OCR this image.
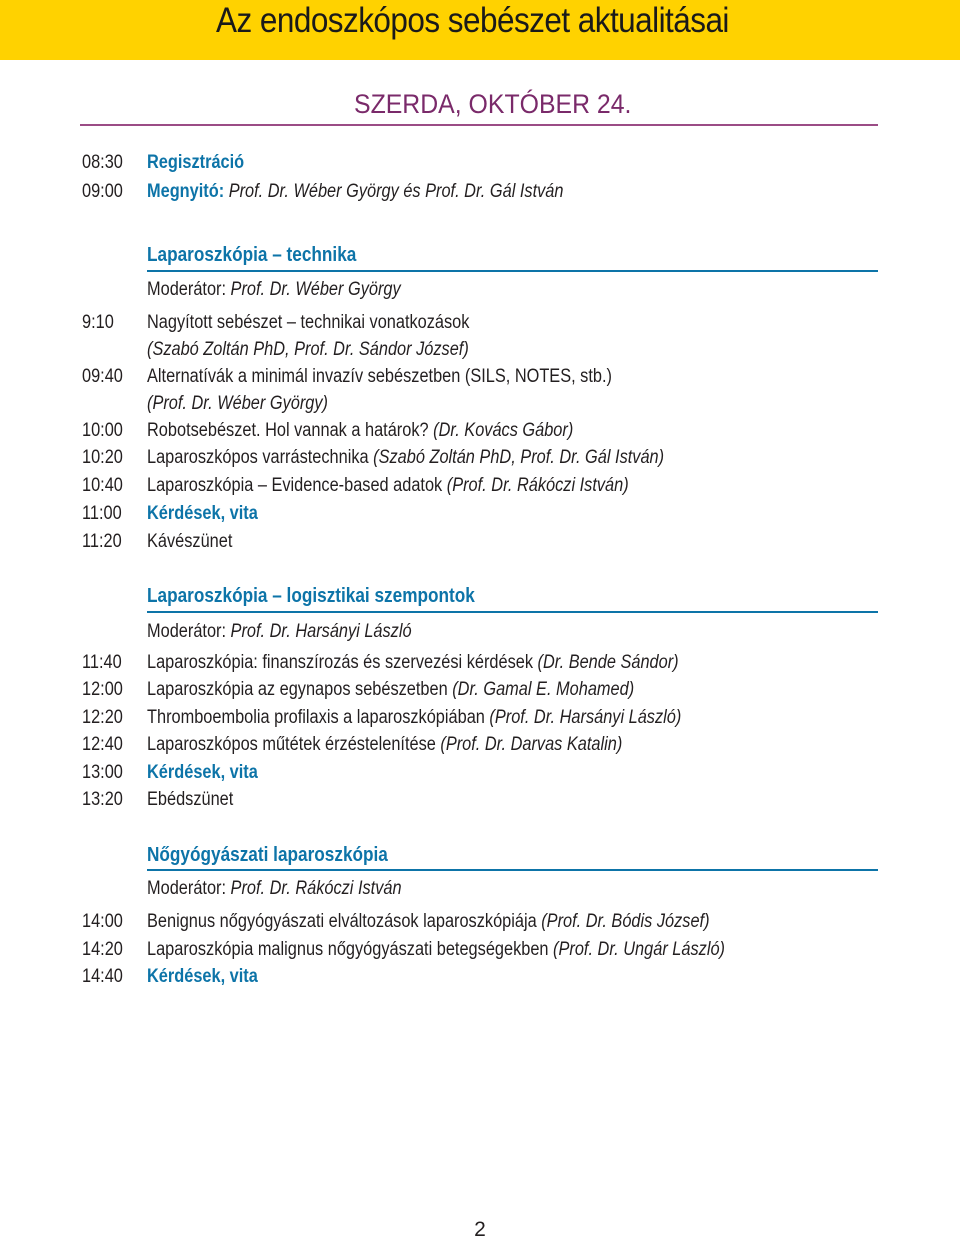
Az endoszkópos sebészet aktualitásai
SZERDA, OKTÓBER 24.
08:30 Regisztráció
09:00 Megnyitó: Prof. Dr. Wéber György és Prof. Dr. Gál István
Laparoszkópia – technika
Moderátor: Prof. Dr. Wéber György
9:10 Nagyított sebészet – technikai vonatkozások
(Szabó Zoltán PhD, Prof. Dr. Sándor József)
09:40 Alternatívák a minimál invazív sebészetben (SILS, NOTES, stb.)
(Prof. Dr. Wéber György)
10:00 Robotsebészet. Hol vannak a határok? (Dr. Kovács Gábor)
10:20 Laparoszkópos varrástechnika (Szabó Zoltán PhD, Prof. Dr. Gál István)
10:40 Laparoszkópia – Evidence-based adatok (Prof. Dr. Rákóczi István)
11:00 Kérdések, vita
11:20 Kávészünet
Laparoszkópia – logisztikai szempontok
Moderátor: Prof. Dr. Harsányi László
11:40 Laparoszkópia: finanszírozás és szervezési kérdések (Dr. Bende Sándor)
12:00 Laparoszkópia az egynapos sebészetben (Dr. Gamal E. Mohamed)
12:20 Thromboembolia profilaxis a laparoszkópiában (Prof. Dr. Harsányi László)
12:40 Laparoszkópos műtétek érzéstelenítése (Prof. Dr. Darvas Katalin)
13:00 Kérdések, vita
13:20 Ebédszünet
Nőgyógyászati laparoszkópia
Moderátor: Prof. Dr. Rákóczi István
14:00 Benignus nőgyógyászati elváltozások laparoszkópiája (Prof. Dr. Bódis József)
14:20 Laparoszkópia malignus nőgyógyászati betegségekben (Prof. Dr. Ungár László)
14:40 Kérdések, vita
2
